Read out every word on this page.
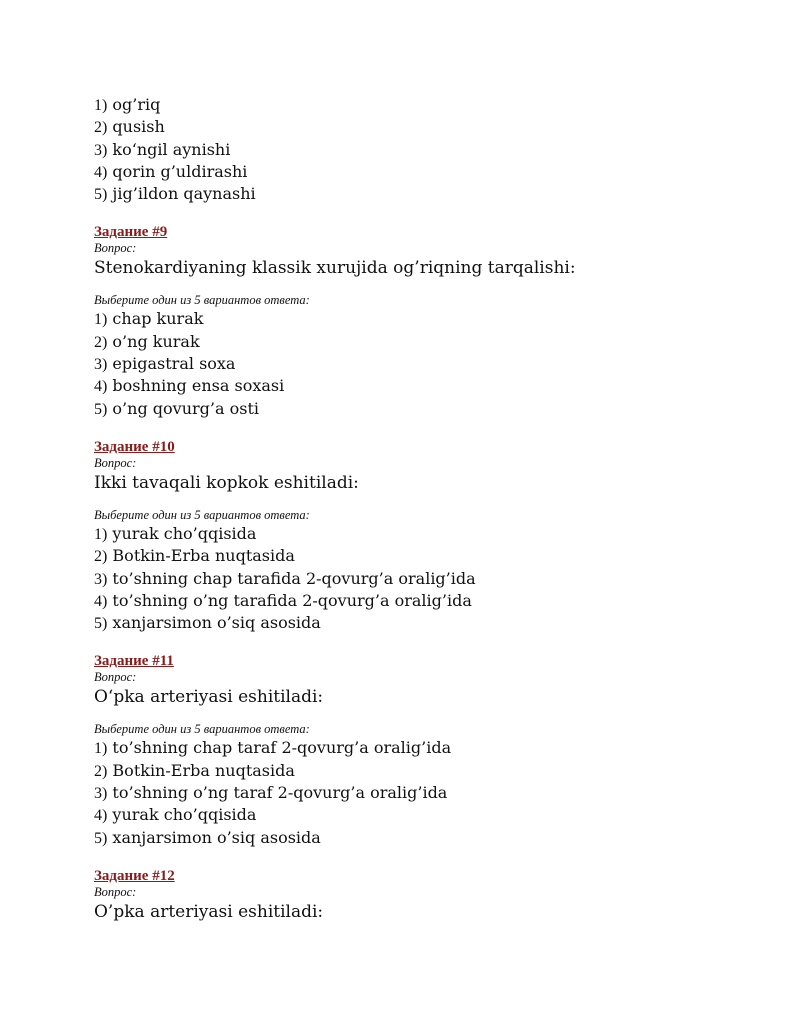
1) og’riq
2) qusish
3) ko‘ngil aynishi
4) qorin g’uldirashi
5) jig’ildon qaynashi
Задание #9
Вопрос:
Stenokardiyaning klassik xurujida og’riqning tarqalishi:
Выберите один из 5 вариантов ответа:
1) chap kurak
2) o’ng kurak
3) epigastral soxa
4) boshning ensa soxasi
5) o’ng qovurg’a osti
Задание #10
Вопрос:
Ikki tavaqali kopkok eshitiladi:
Выберите один из 5 вариантов ответа:
1) yurak cho’qqisida
2) Botkin-Erba nuqtasida
3) to’shning chap tarafida 2-qovurg’a oralig’ida
4) to’shning o’ng tarafida 2-qovurg’a oralig’ida
5) xanjarsimon o’siq asosida
Задание #11
Вопрос:
O‘pka arteriyasi eshitiladi:
Выберите один из 5 вариантов ответа:
1) to’shning chap taraf 2-qovurg’a oralig’ida
2) Botkin-Erba nuqtasida
3) to’shning o’ng taraf 2-qovurg’a oralig’ida
4) yurak cho’qqisida
5) xanjarsimon o’siq asosida
Задание #12
Вопрос:
O’pka arteriyasi eshitiladi:
